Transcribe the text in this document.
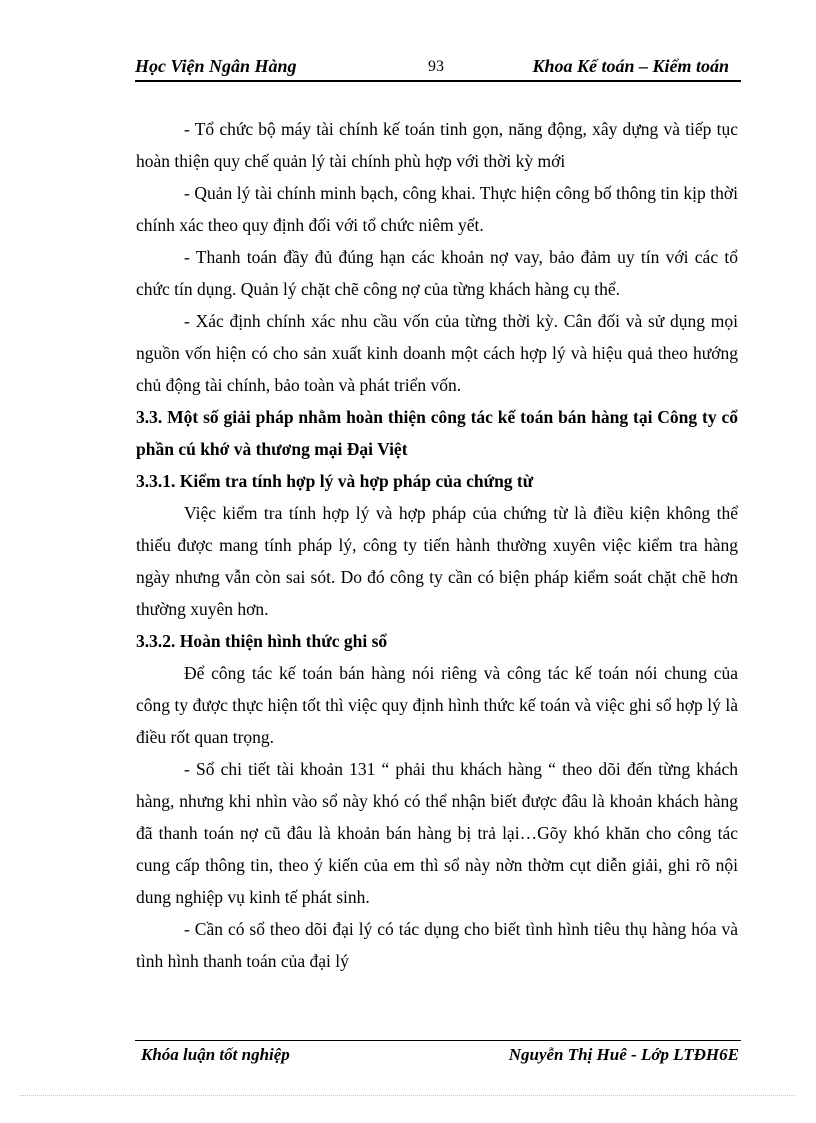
Học Viện Ngân Hàng	93	Khoa Kế toán – Kiểm toán

- Tổ chức bộ máy tài chính kế toán tinh gọn, năng động, xây dựng và tiếp tục hoàn thiện quy chế quản lý tài chính phù hợp với thời kỳ mới

- Quản lý tài chính minh bạch, công khai. Thực hiện công bố thông tin kịp thời chính xác theo quy định đối với tổ chức niêm yết.

- Thanh toán đầy đủ đúng hạn các khoản nợ vay, bảo đảm uy tín với các tổ chức tín dụng. Quản lý chặt chẽ công nợ của từng khách hàng cụ thể.

- Xác định chính xác nhu cầu vốn của từng thời kỳ. Cân đối và sử dụng mọi nguồn vốn hiện có cho sản xuất kinh doanh một cách hợp lý và hiệu quả theo hướng chủ động tài chính, bảo toàn và phát triển vốn.

3.3. Một số giải pháp nhằm hoàn thiện công tác kế toán bán hàng tại Công ty cổ phần cú khớ và thương mại Đại Việt

3.3.1. Kiểm tra tính hợp lý và hợp pháp của chứng từ

Việc kiểm tra tính hợp lý và hợp pháp của chứng từ là điều kiện không thể thiếu được mang tính pháp lý, công ty tiến hành thường xuyên việc kiểm tra hàng ngày nhưng vẫn còn sai sót. Do đó công ty cần có biện pháp kiểm soát chặt chẽ hơn thường xuyên hơn.

3.3.2. Hoàn thiện hình thức ghi sổ

Để công tác kế toán bán hàng nói riêng và công tác kế toán nói chung của công ty được thực hiện tốt thì việc quy định hình thức kế toán và việc ghi sổ hợp lý là điều rốt quan trọng.

- Sổ chi tiết tài khoản 131 “ phải thu khách hàng “ theo dõi đến từng khách hàng, nhưng khi nhìn vào sổ này khó có thể nhận biết được đâu là khoản khách hàng đã thanh toán nợ cũ đâu là khoản bán hàng bị trả lại…Gõy khó khăn cho công tác cung cấp thông tin, theo ý kiến của em thì sổ này nờn thờm cụt diễn giải, ghi rõ nội dung nghiệp vụ kinh tế phát sinh.

- Cần có sổ theo dõi đại lý có tác dụng cho biết tình hình tiêu thụ hàng hóa và tình hình thanh toán của đại lý

Khóa luận tốt nghiệp	Nguyễn Thị Huê - Lớp LTĐH6E
